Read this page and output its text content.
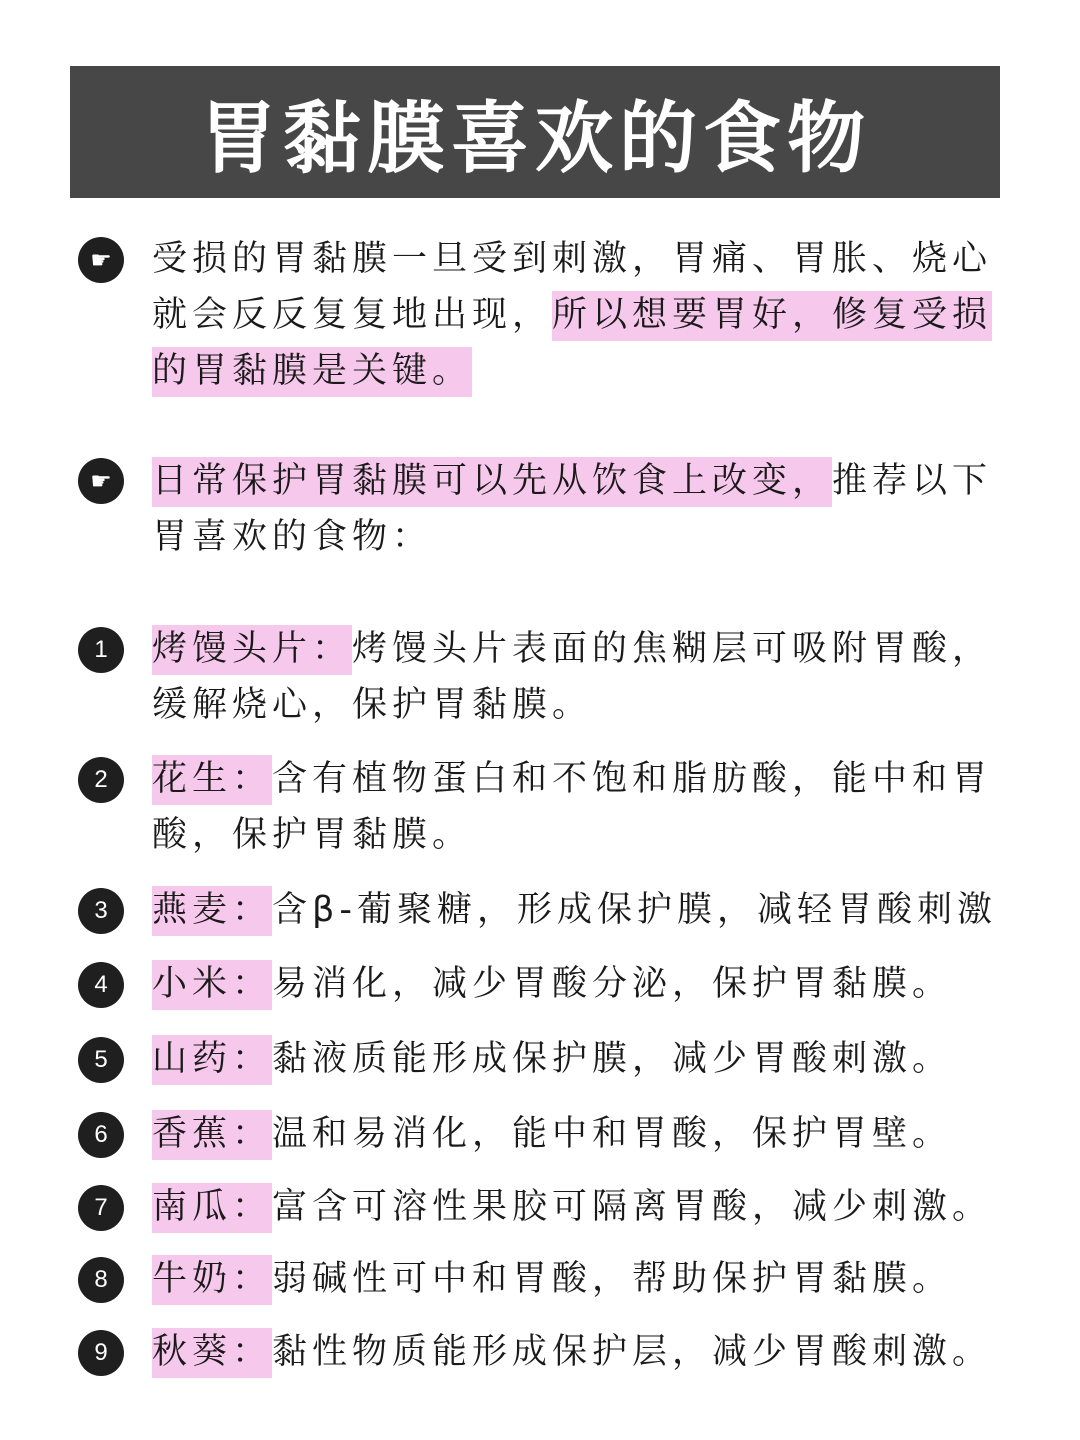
胃黏膜喜欢的食物
☛	受损的胃黏膜一旦受到刺激，胃痛、胃胀、烧心就会反反复复地出现，所以想要胃好，修复受损的胃黏膜是关键。

☛	日常保护胃黏膜可以先从饮食上改变，推荐以下胃喜欢的食物：

1	烤馒头片：烤馒头片表面的焦糊层可吸附胃酸，缓解烧心，保护胃黏膜。

2	花生：含有植物蛋白和不饱和脂肪酸，能中和胃酸，保护胃黏膜。

3	燕麦：含β-葡聚糖，形成保护膜，减轻胃酸刺激

4	小米：易消化，减少胃酸分泌，保护胃黏膜。

5	山药：黏液质能形成保护膜，减少胃酸刺激。

6	香蕉：温和易消化，能中和胃酸，保护胃壁。

7	南瓜：富含可溶性果胶可隔离胃酸，减少刺激。

8	牛奶：弱碱性可中和胃酸，帮助保护胃黏膜。

9	秋葵：黏性物质能形成保护层，减少胃酸刺激。
